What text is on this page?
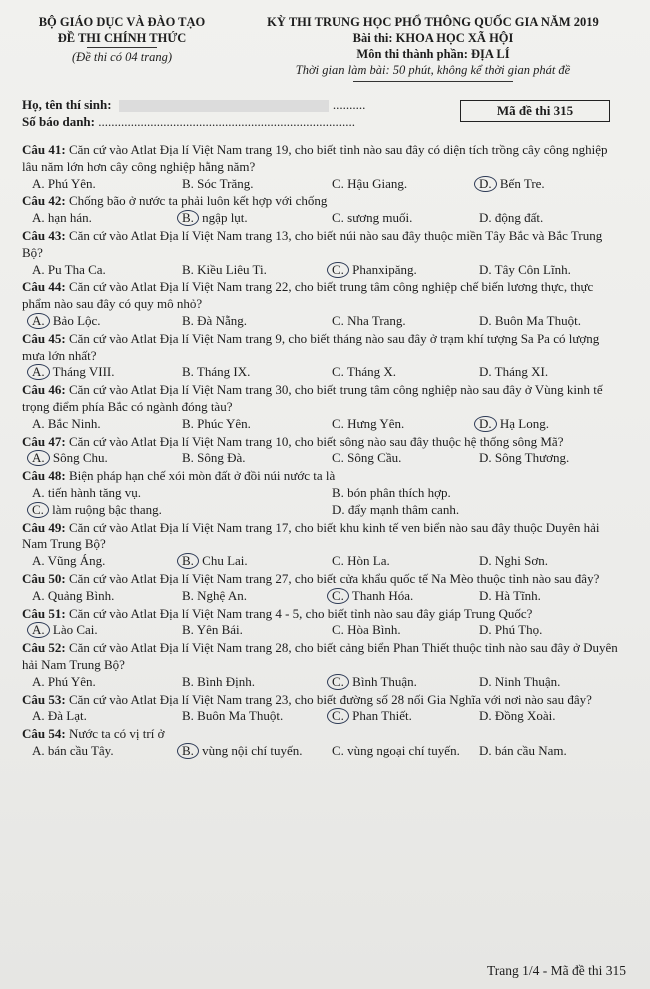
BỘ GIÁO DỤC VÀ ĐÀO TẠO
ĐỀ THI CHÍNH THỨC
(Đề thi có 04 trang)
KỲ THI TRUNG HỌC PHỔ THÔNG QUỐC GIA NĂM 2019
Bài thi: KHOA HỌC XÃ HỘI
Môn thi thành phần: ĐỊA LÍ
Thời gian làm bài: 50 phút, không kể thời gian phát đề
Họ, tên thí sinh:	..........
Số báo danh: ...............................................................................
Mã đề thi 315
Câu 41: Căn cứ vào Atlat Địa lí Việt Nam trang 19, cho biết tỉnh nào sau đây có diện tích trồng cây công nghiệp lâu năm lớn hơn cây công nghiệp hằng năm?
A. Phú Yên.	B. Sóc Trăng.	C. Hậu Giang.	D. Bến Tre.
Câu 42: Chống bão ở nước ta phải luôn kết hợp với chống
A. hạn hán.	B. ngập lụt.	C. sương muối.	D. động đất.
Câu 43: Căn cứ vào Atlat Địa lí Việt Nam trang 13, cho biết núi nào sau đây thuộc miền Tây Bắc và Bắc Trung Bộ?
A. Pu Tha Ca.	B. Kiều Liêu Ti.	C. Phanxipăng.	D. Tây Côn Lĩnh.
Câu 44: Căn cứ vào Atlat Địa lí Việt Nam trang 22, cho biết trung tâm công nghiệp chế biến lương thực, thực phẩm nào sau đây có quy mô nhỏ?
A. Bảo Lộc.	B. Đà Nẵng.	C. Nha Trang.	D. Buôn Ma Thuột.
Câu 45: Căn cứ vào Atlat Địa lí Việt Nam trang 9, cho biết tháng nào sau đây ở trạm khí tượng Sa Pa có lượng mưa lớn nhất?
A. Tháng VIII.	B. Tháng IX.	C. Tháng X.	D. Tháng XI.
Câu 46: Căn cứ vào Atlat Địa lí Việt Nam trang 30, cho biết trung tâm công nghiệp nào sau đây ở Vùng kinh tế trọng điểm phía Bắc có ngành đóng tàu?
A. Bắc Ninh.	B. Phúc Yên.	C. Hưng Yên.	D. Hạ Long.
Câu 47: Căn cứ vào Atlat Địa lí Việt Nam trang 10, cho biết sông nào sau đây thuộc hệ thống sông Mã?
A. Sông Chu.	B. Sông Đà.	C. Sông Cầu.	D. Sông Thương.
Câu 48: Biện pháp hạn chế xói mòn đất ở đồi núi nước ta là
A. tiến hành tăng vụ.	B. bón phân thích hợp.
C. làm ruộng bậc thang.	D. đẩy mạnh thâm canh.
Câu 49: Căn cứ vào Atlat Địa lí Việt Nam trang 17, cho biết khu kinh tế ven biển nào sau đây thuộc Duyên hải Nam Trung Bộ?
A. Vũng Áng.	B. Chu Lai.	C. Hòn La.	D. Nghi Sơn.
Câu 50: Căn cứ vào Atlat Địa lí Việt Nam trang 27, cho biết cửa khẩu quốc tế Na Mèo thuộc tỉnh nào sau đây?
A. Quảng Bình.	B. Nghệ An.	C. Thanh Hóa.	D. Hà Tĩnh.
Câu 51: Căn cứ vào Atlat Địa lí Việt Nam trang 4 - 5, cho biết tỉnh nào sau đây giáp Trung Quốc?
A. Lào Cai.	B. Yên Bái.	C. Hòa Bình.	D. Phú Thọ.
Câu 52: Căn cứ vào Atlat Địa lí Việt Nam trang 28, cho biết cảng biển Phan Thiết thuộc tỉnh nào sau đây ở Duyên hải Nam Trung Bộ?
A. Phú Yên.	B. Bình Định.	C. Bình Thuận.	D. Ninh Thuận.
Câu 53: Căn cứ vào Atlat Địa lí Việt Nam trang 23, cho biết đường số 28 nối Gia Nghĩa với nơi nào sau đây?
A. Đà Lạt.	B. Buôn Ma Thuột.	C. Phan Thiết.	D. Đồng Xoài.
Câu 54: Nước ta có vị trí ở
A. bán cầu Tây.	B. vùng nội chí tuyến.	C. vùng ngoại chí tuyến.	D. bán cầu Nam.
Trang 1/4 - Mã đề thi 315
